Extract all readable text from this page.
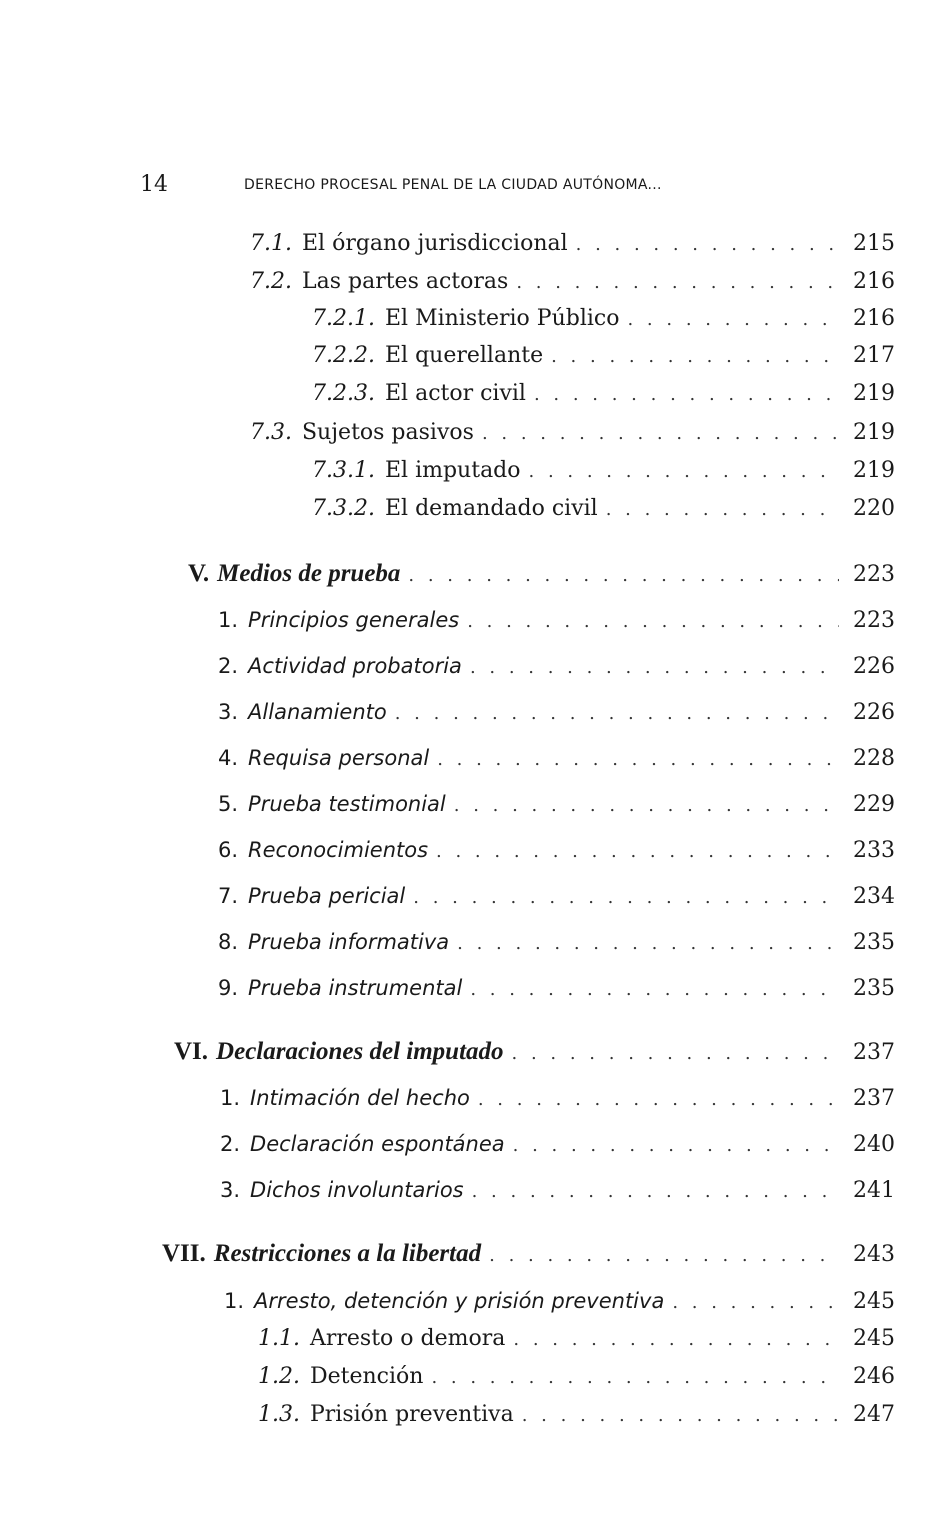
14	DERECHO PROCESAL PENAL DE LA CIUDAD AUTÓNOMA...
7.1. El órgano jurisdiccional . . .	215
7.2. Las partes actoras . . .	216
7.2.1. El Ministerio Público . . .	216
7.2.2. El querellante . . .	217
7.2.3. El actor civil . . .	219
7.3. Sujetos pasivos . . .	219
7.3.1. El imputado . . .	219
7.3.2. El demandado civil . . .	220
V. Medios de prueba . . .	223
1. Principios generales . . .	223
2. Actividad probatoria . . .	226
3. Allanamiento . . .	226
4. Requisa personal . . .	228
5. Prueba testimonial . . .	229
6. Reconocimientos . . .	233
7. Prueba pericial . . .	234
8. Prueba informativa . . .	235
9. Prueba instrumental . . .	235
VI. Declaraciones del imputado . . .	237
1. Intimación del hecho . . .	237
2. Declaración espontánea . . .	240
3. Dichos involuntarios . . .	241
VII. Restricciones a la libertad . . .	243
1. Arresto, detención y prisión preventiva . . .	245
1.1. Arresto o demora . . .	245
1.2. Detención . . .	246
1.3. Prisión preventiva . . .	247
